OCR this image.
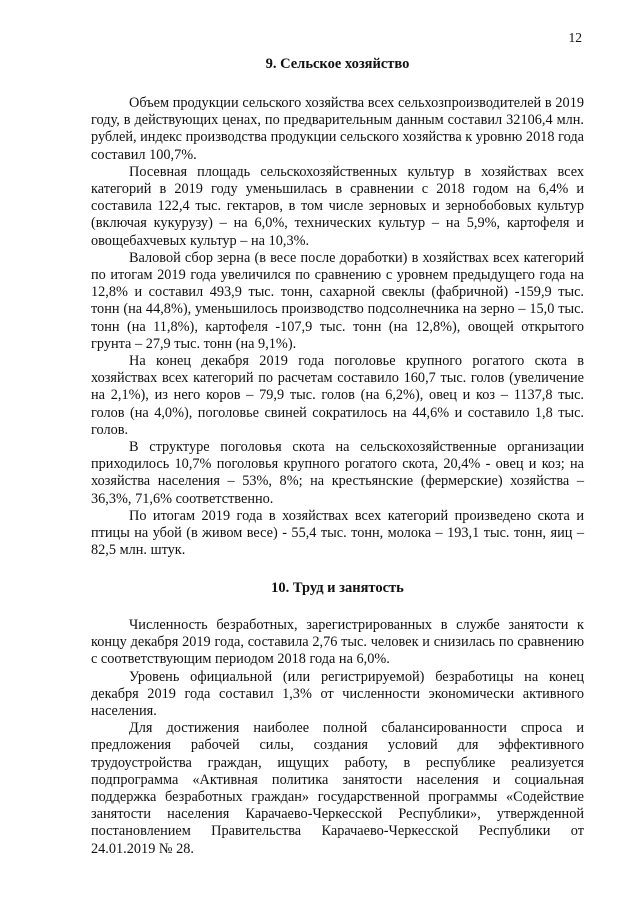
12
9. Сельское хозяйство

Объем продукции сельского хозяйства всех сельхозпроизводителей в 2019 году, в действующих ценах, по предварительным данным составил 32106,4 млн. рублей, индекс производства продукции сельского хозяйства к уровню 2018 года составил 100,7%.

Посевная площадь сельскохозяйственных культур в хозяйствах всех категорий в 2019 году уменьшилась в сравнении с 2018 годом на 6,4% и составила 122,4 тыс. гектаров, в том числе зерновых и зернобобовых культур (включая кукурузу) – на 6,0%, технических культур – на 5,9%, картофеля и овощебахчевых культур – на 10,3%.

Валовой сбор зерна (в весе после доработки) в хозяйствах всех категорий по итогам 2019 года увеличился по сравнению с уровнем предыдущего года на 12,8% и составил 493,9 тыс. тонн, сахарной свеклы (фабричной) -159,9 тыс. тонн (на 44,8%), уменьшилось производство подсолнечника на зерно – 15,0 тыс. тонн (на 11,8%), картофеля -107,9 тыс. тонн (на 12,8%), овощей открытого грунта – 27,9 тыс. тонн (на 9,1%).

На конец декабря 2019 года поголовье крупного рогатого скота в хозяйствах всех категорий по расчетам составило 160,7 тыс. голов (увеличение на 2,1%), из него коров – 79,9 тыс. голов (на 6,2%), овец и коз – 1137,8 тыс. голов (на 4,0%), поголовье свиней сократилось на 44,6% и составило 1,8 тыс. голов.

В структуре поголовья скота на сельскохозяйственные организации приходилось 10,7% поголовья крупного рогатого скота, 20,4% - овец и коз; на хозяйства населения – 53%, 8%; на крестьянские (фермерские) хозяйства – 36,3%, 71,6% соответственно.

По итогам 2019 года в хозяйствах всех категорий произведено скота и птицы на убой (в живом весе) - 55,4 тыс. тонн, молока – 193,1 тыс. тонн, яиц – 82,5 млн. штук.

10. Труд и занятость

Численность безработных, зарегистрированных в службе занятости к концу декабря 2019 года, составила 2,76 тыс. человек и снизилась по сравнению с соответствующим периодом 2018 года на 6,0%.

Уровень официальной (или регистрируемой) безработицы на конец декабря 2019 года составил 1,3% от численности экономически активного населения.

Для достижения наиболее полной сбалансированности спроса и предложения рабочей силы, создания условий для эффективного трудоустройства граждан, ищущих работу, в республике реализуется подпрограмма «Активная политика занятости населения и социальная поддержка безработных граждан» государственной программы «Содействие занятости населения Карачаево-Черкесской Республики», утвержденной постановлением Правительства Карачаево-Черкесской Республики от 24.01.2019 № 28.
